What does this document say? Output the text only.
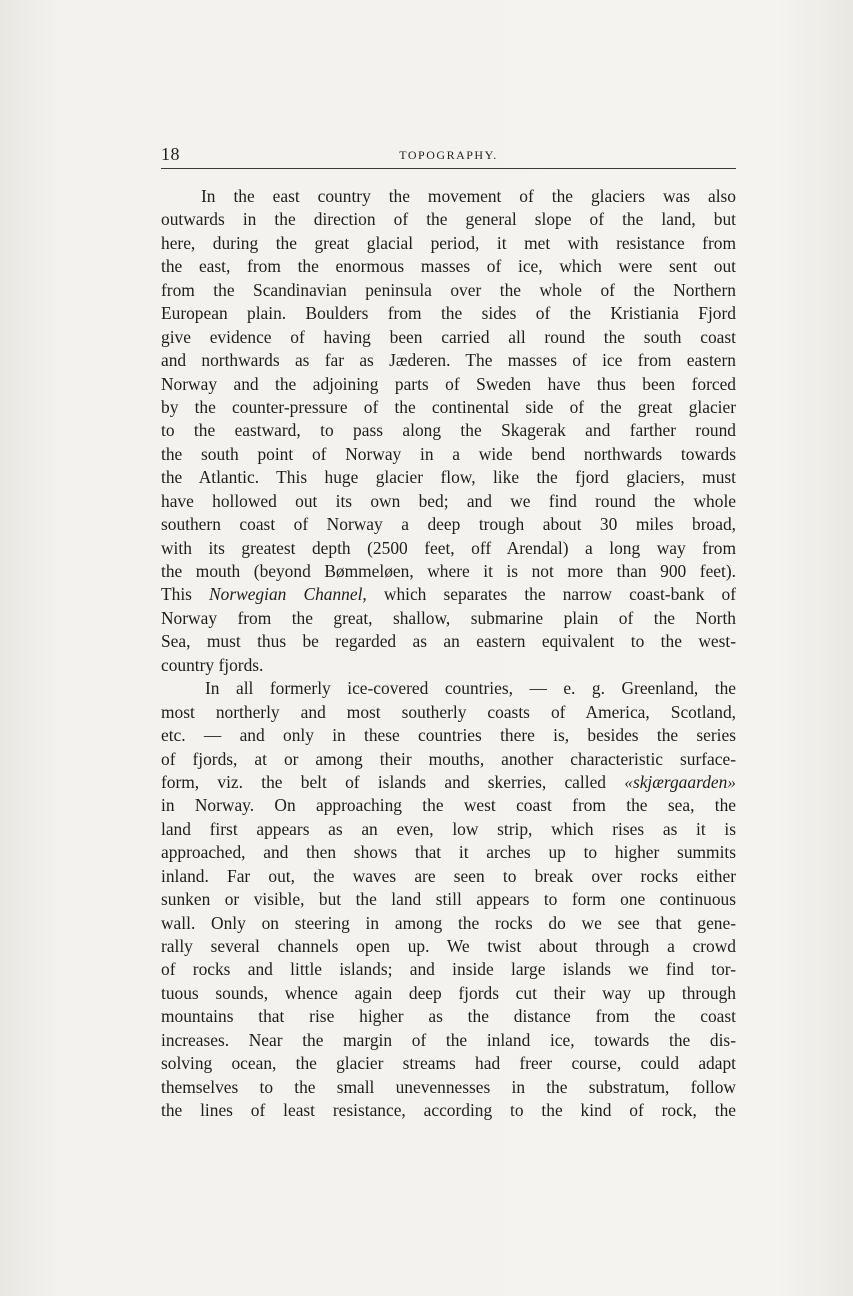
18	TOPOGRAPHY.
In the east country the movement of the glaciers was also
outwards in the direction of the general slope of the land, but
here, during the great glacial period, it met with resistance from
the east, from the enormous masses of ice, which were sent out
from the Scandinavian peninsula over the whole of the Northern
European plain. Boulders from the sides of the Kristiania Fjord
give evidence of having been carried all round the south coast
and northwards as far as Jæderen. The masses of ice from eastern
Norway and the adjoining parts of Sweden have thus been forced
by the counter-pressure of the continental side of the great glacier
to the eastward, to pass along the Skagerak and farther round
the south point of Norway in a wide bend northwards towards
the Atlantic. This huge glacier flow, like the fjord glaciers, must
have hollowed out its own bed; and we find round the whole
southern coast of Norway a deep trough about 30 miles broad,
with its greatest depth (2500 feet, off Arendal) a long way from
the mouth (beyond Bømmeløen, where it is not more than 900 feet).
This Norwegian Channel, which separates the narrow coast-bank of
Norway from the great, shallow, submarine plain of the North
Sea, must thus be regarded as an eastern equivalent to the west-
country fjords.
In all formerly ice-covered countries, — e. g. Greenland, the
most northerly and most southerly coasts of America, Scotland,
etc. — and only in these countries there is, besides the series
of fjords, at or among their mouths, another characteristic surface-
form, viz. the belt of islands and skerries, called «skjærgaarden»
in Norway. On approaching the west coast from the sea, the
land first appears as an even, low strip, which rises as it is
approached, and then shows that it arches up to higher summits
inland. Far out, the waves are seen to break over rocks either
sunken or visible, but the land still appears to form one continuous
wall. Only on steering in among the rocks do we see that gene-
rally several channels open up. We twist about through a crowd
of rocks and little islands; and inside large islands we find tor-
tuous sounds, whence again deep fjords cut their way up through
mountains that rise higher as the distance from the coast
increases. Near the margin of the inland ice, towards the dis-
solving ocean, the glacier streams had freer course, could adapt
themselves to the small unevennesses in the substratum, follow
the lines of least resistance, according to the kind of rock, the
